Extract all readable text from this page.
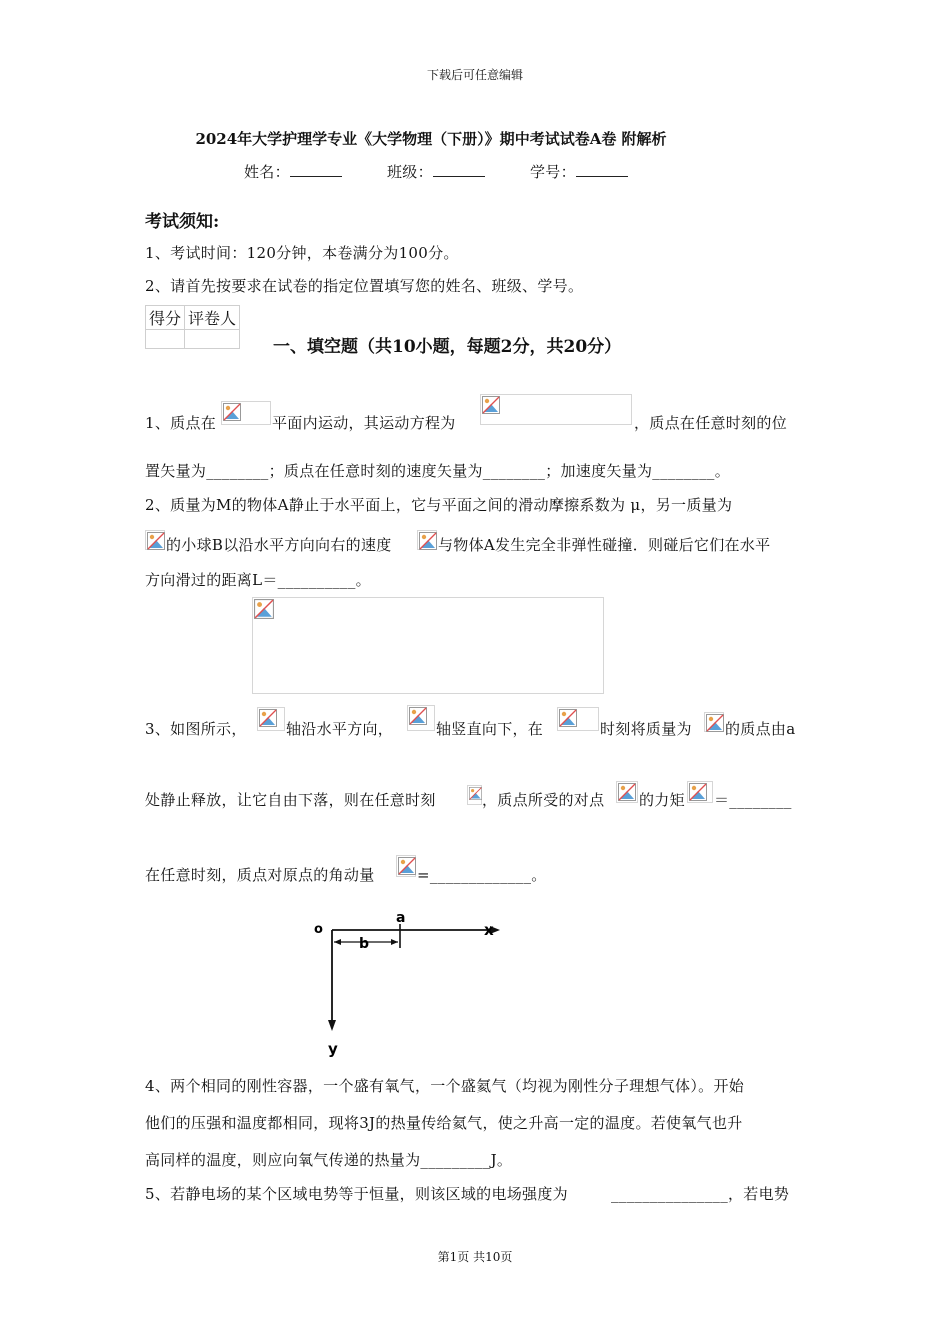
下载后可任意编辑
2024年大学护理学专业《大学物理（下册）》期中考试试卷A卷 附解析
姓名：	班级：	学号：
考试须知:
1、考试时间：120分钟，本卷满分为100分。
2、请首先按要求在试卷的指定位置填写您的姓名、班级、学号。
得分	评卷人

一、填空题（共10小题，每题2分，共20分）
1、质点在	平面内运动，其运动方程为	，质点在任意时刻的位
置矢量为________；质点在任意时刻的速度矢量为________；加速度矢量为________。
2、质量为M的物体A静止于水平面上，它与平面之间的滑动摩擦系数为 μ，另一质量为
的小球B以沿水平方向向右的速度	与物体A发生完全非弹性碰撞．则碰后它们在水平
方向滑过的距离L＝__________。
3、如图所示，	轴沿水平方向，	轴竖直向下，在	时刻将质量为 的质点由a
处静止释放，让它自由下落，则在任意时刻	，质点所受的对点 的力矩 ＝________
在任意时刻，质点对原点的角动量	=_____________。
o
a
b
x
y
4、两个相同的刚性容器，一个盛有氧气，一个盛氦气（均视为刚性分子理想气体）。开始
他们的压强和温度都相同，现将3J的热量传给氦气，使之升高一定的温度。若使氧气也升
高同样的温度，则应向氧气传递的热量为_________J。
5、若静电场的某个区域电势等于恒量，则该区域的电场强度为	_______________，若电势
第1页 共10页
